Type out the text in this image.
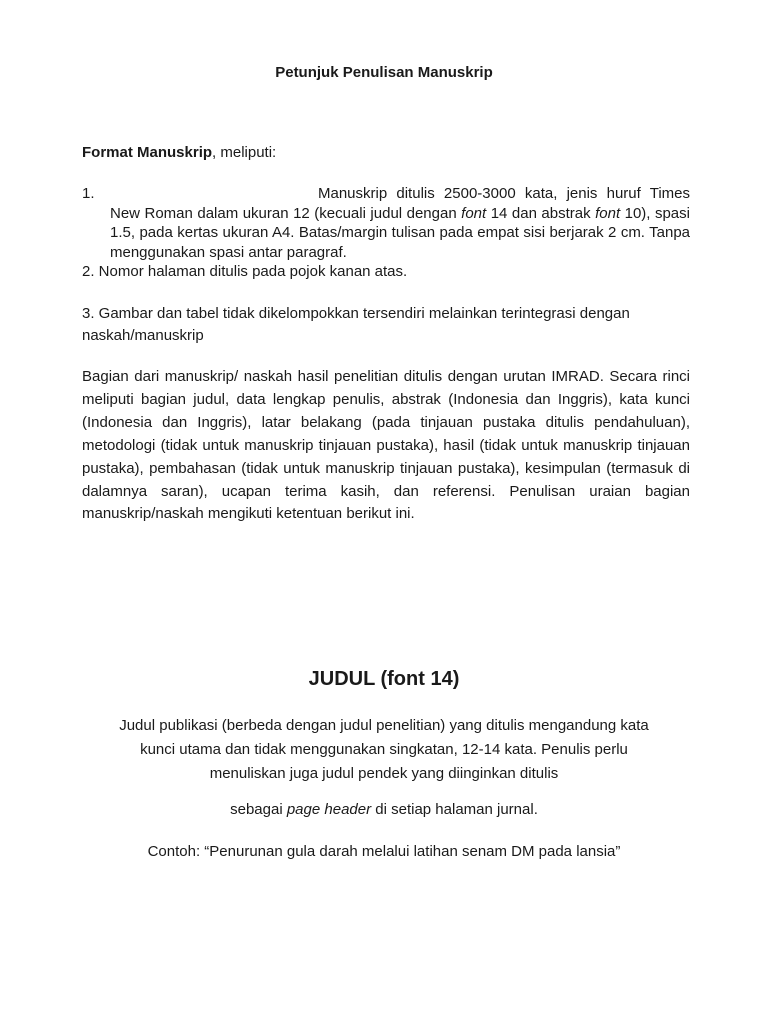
Petunjuk Penulisan Manuskrip
Format Manuskrip, meliputi:
1.	Manuskrip ditulis 2500-3000 kata, jenis huruf Times New Roman dalam ukuran 12 (kecuali judul dengan font 14 dan abstrak font 10), spasi 1.5, pada kertas ukuran A4. Batas/margin tulisan pada empat sisi berjarak 2 cm. Tanpa menggunakan spasi antar paragraf.
2. Nomor halaman ditulis pada pojok kanan atas.
3. Gambar dan tabel tidak dikelompokkan tersendiri melainkan terintegrasi dengan naskah/manuskrip
Bagian dari manuskrip/ naskah hasil penelitian ditulis dengan urutan IMRAD. Secara rinci meliputi bagian judul, data lengkap penulis, abstrak (Indonesia dan Inggris), kata kunci (Indonesia dan Inggris), latar belakang (pada tinjauan pustaka ditulis pendahuluan), metodologi (tidak untuk manuskrip tinjauan pustaka), hasil (tidak untuk manuskrip tinjauan pustaka), pembahasan (tidak untuk manuskrip tinjauan pustaka), kesimpulan (termasuk di dalamnya saran), ucapan terima kasih, dan referensi. Penulisan uraian bagian manuskrip/naskah mengikuti ketentuan berikut ini.
JUDUL (font 14)
Judul publikasi (berbeda dengan judul penelitian) yang ditulis mengandung kata
kunci utama dan tidak menggunakan singkatan, 12-14 kata. Penulis perlu
menuliskan juga judul pendek yang diinginkan ditulis
sebagai page header di setiap halaman jurnal.
Contoh: “Penurunan gula darah melalui latihan senam DM pada lansia”
